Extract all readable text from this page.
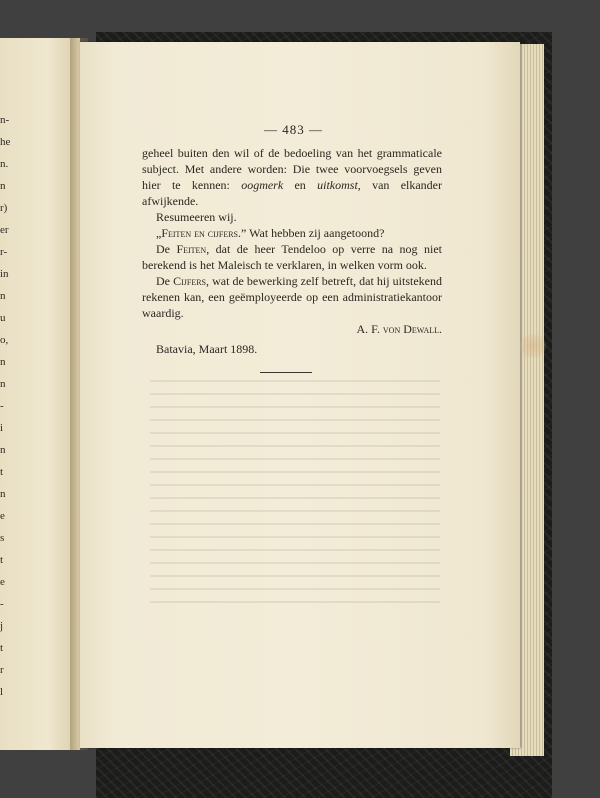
n-
he
n.
n
r)
er
r-
in
n
u
o,
n
n
-
i
n
t
n
e
s
t
e
-
j
t
r
l
— 483 —

geheel buiten den wil of de bedoeling van het grammaticale subject. Met andere worden: Die twee voorvoegsels geven hier te kennen: oogmerk en uitkomst, van elkander afwijkende.

Resumeeren wij.

„Feiten en cijfers.” Wat hebben zij aangetoond?

De Feiten, dat de heer Tendeloo op verre na nog niet berekend is het Maleisch te verklaren, in welken vorm ook.

De Cijfers, wat de bewerking zelf betreft, dat hij uitstekend rekenen kan, een geëmployeerde op een administratiekantoor waardig.

A. F. von Dewall.

Batavia, Maart 1898.
